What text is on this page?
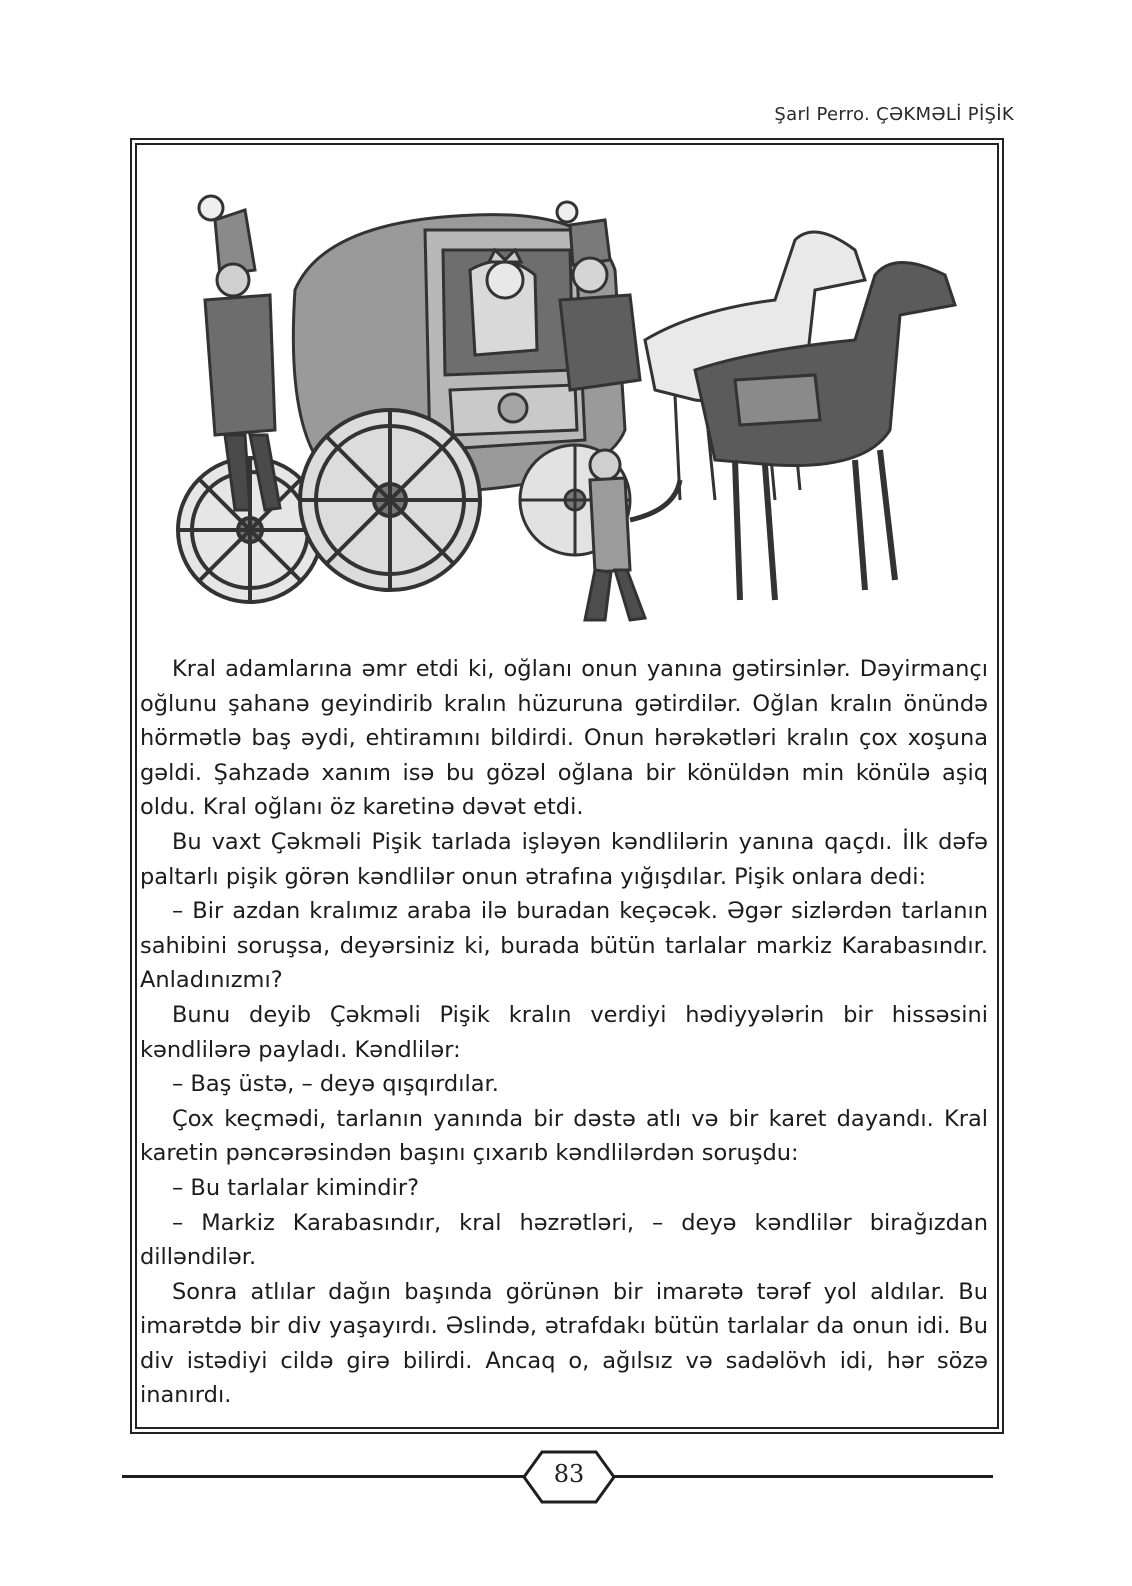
Şarl Perro. ÇƏKMƏLİ PİŞİK

Kral adamlarına əmr etdi ki, oğlanı onun yanına gətirsinlər. Dəyirmançı oğlunu şahanə geyindirib kralın hüzuruna gətirdilər. Oğlan kralın önündə hörmətlə baş əydi, ehtiramını bildirdi. Onun hərəkətləri kralın çox xoşuna gəldi. Şahzadə xanım isə bu gözəl oğlana bir könüldən min könülə aşiq oldu. Kral oğlanı öz karetinə dəvət etdi.

Bu vaxt Çəkməli Pişik tarlada işləyən kəndlilərin yanına qaçdı. İlk dəfə paltarlı pişik görən kəndlilər onun ətrafına yığışdılar. Pişik onlara dedi:

– Bir azdan kralımız araba ilə buradan keçəcək. Əgər sizlərdən tarlanın sahibini soruşsa, deyərsiniz ki, burada bütün tarlalar markiz Karabasındır. Anladınızmı?

Bunu deyib Çəkməli Pişik kralın verdiyi hədiyyələrin bir hissəsini kəndlilərə payladı. Kəndlilər:

– Baş üstə, – deyə qışqırdılar.

Çox keçmədi, tarlanın yanında bir dəstə atlı və bir karet dayandı. Kral karetin pəncərəsindən başını çıxarıb kəndlilərdən soruşdu:

– Bu tarlalar kimindir?

– Markiz Karabasındır, kral həzrətləri, – deyə kəndlilər birağızdan dilləndilər.

Sonra atlılar dağın başında görünən bir imarətə tərəf yol aldılar. Bu imarətdə bir div yaşayırdı. Əslində, ətrafdakı bütün tarlalar da onun idi. Bu div istədiyi cildə girə bilirdi. Ancaq o, ağılsız və sadəlövh idi, hər sözə inanırdı.

83
